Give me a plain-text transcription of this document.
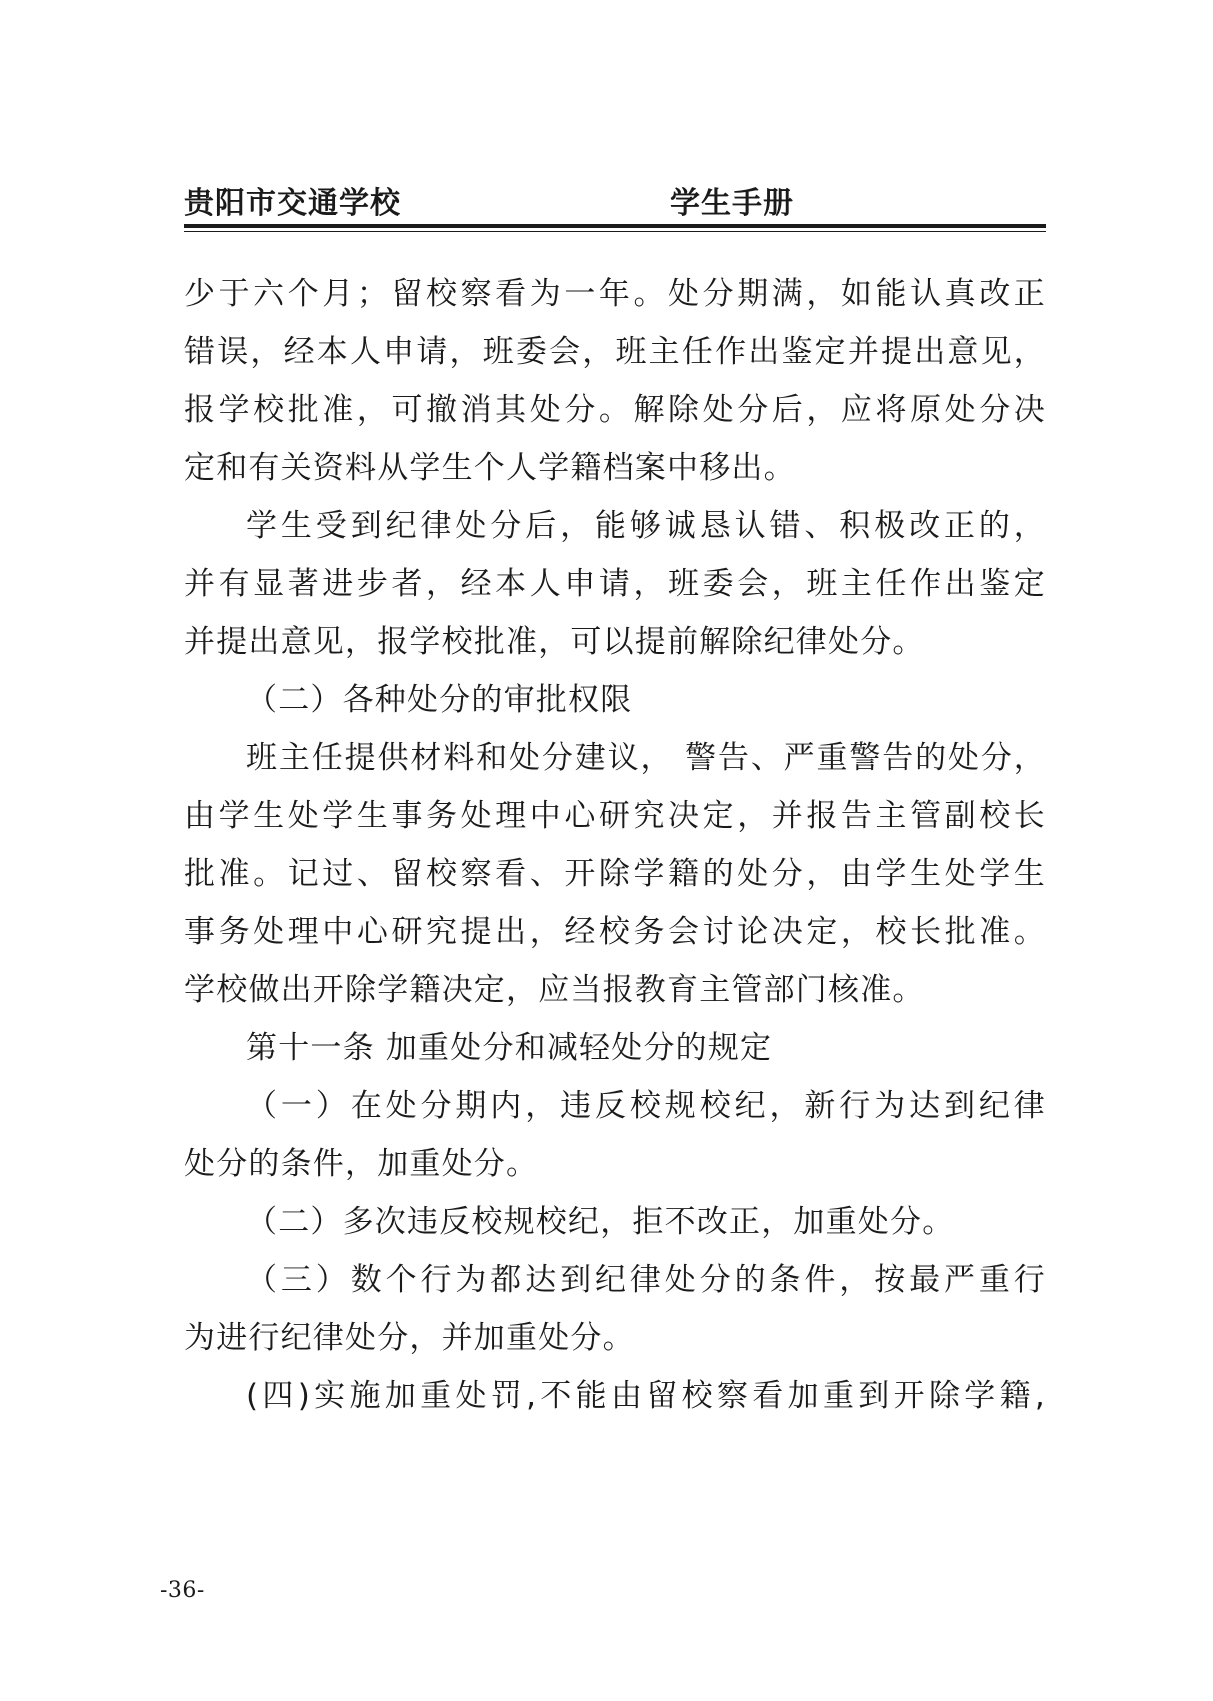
贵阳市交通学校	学生手册
少于六个月；留校察看为一年。处分期满，如能认真改正
错误，经本人申请，班委会，班主任作出鉴定并提出意见，
报学校批准，可撤消其处分。解除处分后，应将原处分决
定和有关资料从学生个人学籍档案中移出。
学生受到纪律处分后，能够诚恳认错、积极改正的，
并有显著进步者，经本人申请，班委会，班主任作出鉴定
并提出意见，报学校批准，可以提前解除纪律处分。
（二）各种处分的审批权限
班主任提供材料和处分建议， 警告、严重警告的处分，
由学生处学生事务处理中心研究决定，并报告主管副校长
批准。记过、留校察看、开除学籍的处分，由学生处学生
事务处理中心研究提出，经校务会讨论决定，校长批准。
学校做出开除学籍决定，应当报教育主管部门核准。
第十一条 加重处分和减轻处分的规定
（一）在处分期内，违反校规校纪，新行为达到纪律
处分的条件，加重处分。
（二）多次违反校规校纪，拒不改正，加重处分。
（三）数个行为都达到纪律处分的条件，按最严重行
为进行纪律处分，并加重处分。
(四)实施加重处罚,不能由留校察看加重到开除学籍,
-36-
